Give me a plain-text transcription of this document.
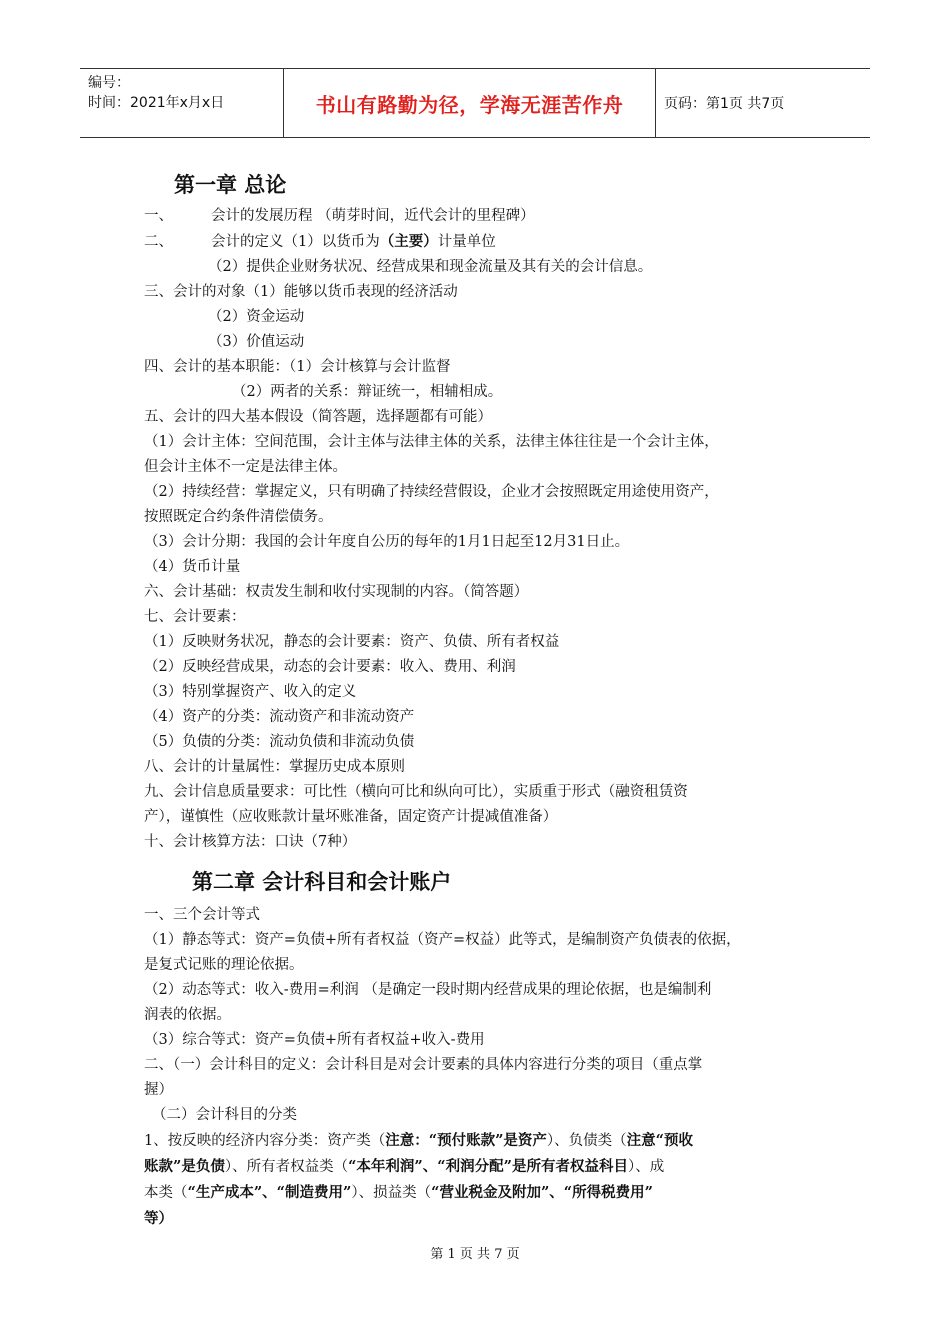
编号：
时间：2021年x月x日	书山有路勤为径，学海无涯苦作舟	页码：第1页 共7页
第一章 总论

一、	会计的发展历程 （萌芽时间，近代会计的里程碑）

二、	会计的定义（1）以货币为（主要）计量单位

（2）提供企业财务状况、经营成果和现金流量及其有关的会计信息。

三、会计的对象（1）能够以货币表现的经济活动

（2）资金运动

（3）价值运动

四、会计的基本职能：（1）会计核算与会计监督

（2）两者的关系：辩证统一，相辅相成。

五、会计的四大基本假设（简答题，选择题都有可能）

（1）会计主体：空间范围，会计主体与法律主体的关系，法律主体往往是一个会计主体，

但会计主体不一定是法律主体。

（2）持续经营：掌握定义，只有明确了持续经营假设，企业才会按照既定用途使用资产，

按照既定合约条件清偿债务。

（3）会计分期：我国的会计年度自公历的每年的1月1日起至12月31日止。

（4）货币计量

六、会计基础：权责发生制和收付实现制的内容。（简答题）

七、会计要素：

（1）反映财务状况，静态的会计要素：资产、负债、所有者权益

（2）反映经营成果，动态的会计要素：收入、费用、利润

（3）特别掌握资产、收入的定义

（4）资产的分类：流动资产和非流动资产

（5）负债的分类：流动负债和非流动负债

八、会计的计量属性：掌握历史成本原则

九、会计信息质量要求：可比性（横向可比和纵向可比），实质重于形式（融资租赁资

产），谨慎性（应收账款计量坏账准备，固定资产计提减值准备）

十、会计核算方法：口诀（7种）

第二章 会计科目和会计账户

一、三个会计等式

（1）静态等式：资产=负债+所有者权益（资产=权益）此等式，是编制资产负债表的依据，

是复式记账的理论依据。

（2）动态等式：收入-费用=利润 （是确定一段时期内经营成果的理论依据，也是编制利

润表的依据。

（3）综合等式：资产=负债+所有者权益+收入-费用

二、（一）会计科目的定义：会计科目是对会计要素的具体内容进行分类的项目（重点掌

握）

（二）会计科目的分类

1、按反映的经济内容分类：资产类（注意：“预付账款”是资产）、负债类（注意“预收

账款”是负债）、所有者权益类（“本年利润”、“利润分配”是所有者权益科目）、成

本类（“生产成本”、“制造费用”）、损益类（“营业税金及附加”、“所得税费用”

等）

第 1 页 共 7 页
